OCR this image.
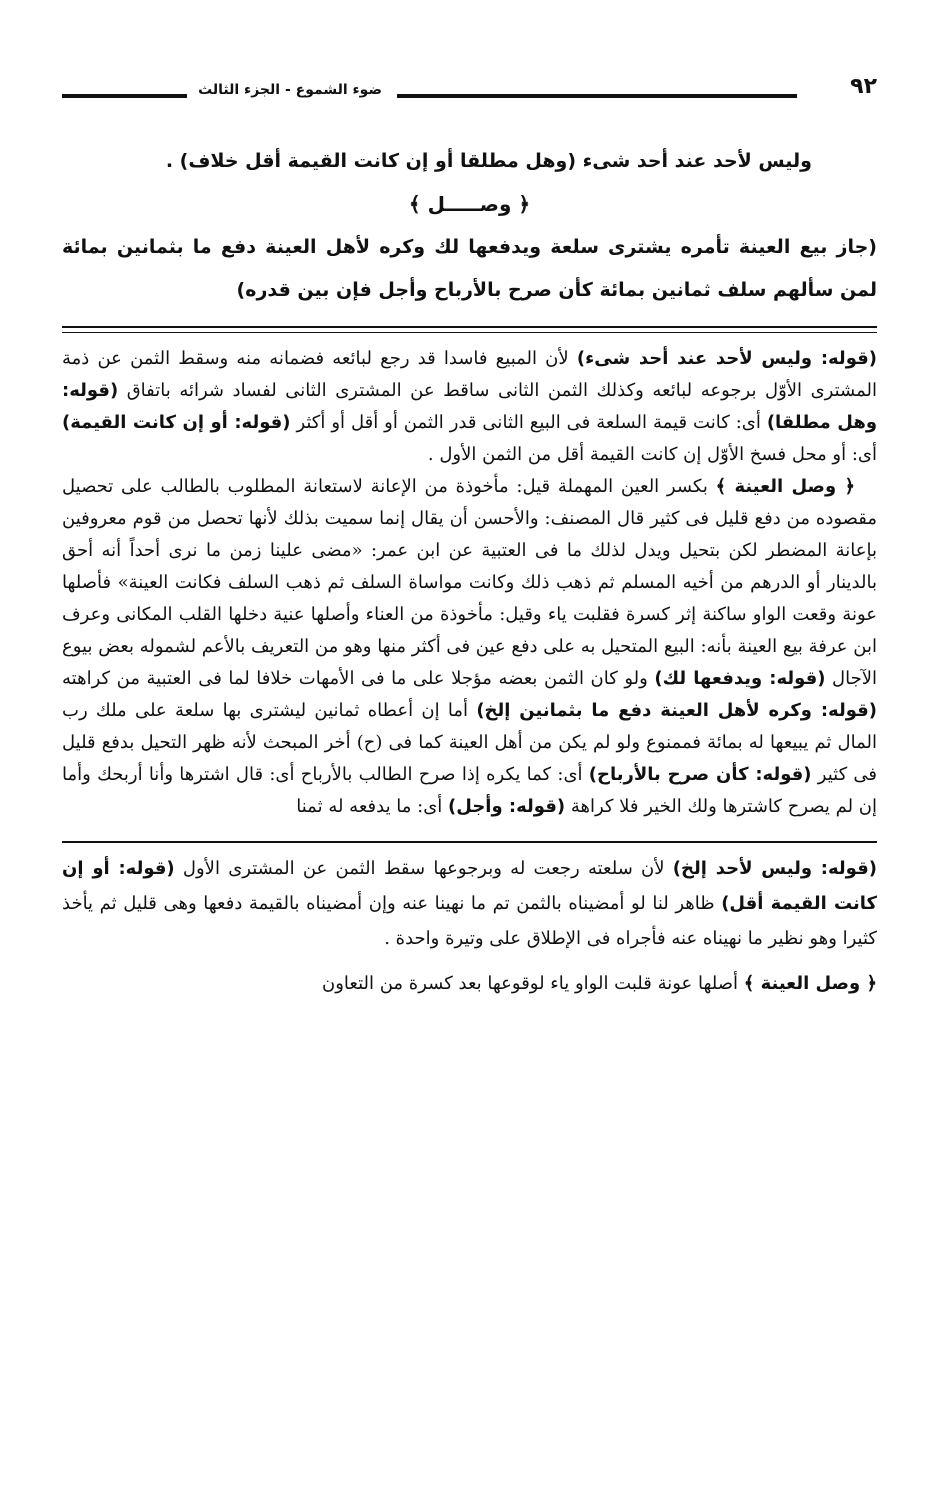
٩٢
ضوء الشموع - الجزء الثالث

وليس لأحد عند أحد شىء (وهل مطلقا أو إن كانت القيمة أقل خلاف) .

﴿ وصـــــل ﴾

(جاز بيع العينة تأمره يشترى سلعة ويدفعها لك وكره لأهل العينة دفع ما بثمانين بمائة لمن سألهم سلف ثمانين بمائة كأن صرح بالأرباح وأجل فإن بين قدره)

(قوله: وليس لأحد عند أحد شىء) لأن المبيع فاسدا قد رجع لبائعه فضمانه منه وسقط الثمن عن ذمة المشترى الأوّل برجوعه لبائعه وكذلك الثمن الثانى ساقط عن المشترى الثانى لفساد شرائه باتفاق (قوله: وهل مطلقا) أى: كانت قيمة السلعة فى البيع الثانى قدر الثمن أو أقل أو أكثر (قوله: أو إن كانت القيمة) أى: أو محل فسخ الأوّل إن كانت القيمة أقل من الثمن الأول .

﴿ وصل العينة ﴾ بكسر العين المهملة قيل: مأخوذة من الإعانة لاستعانة المطلوب بالطالب على تحصيل مقصوده من دفع قليل فى كثير قال المصنف: والأحسن أن يقال إنما سميت بذلك لأنها تحصل من قوم معروفين بإعانة المضطر لكن بتحيل ويدل لذلك ما فى العتبية عن ابن عمر: «مضى علينا زمن ما نرى أحداً أنه أحق بالدينار أو الدرهم من أخيه المسلم ثم ذهب ذلك وكانت مواساة السلف ثم ذهب السلف فكانت العينة» فأصلها عونة وقعت الواو ساكنة إثر كسرة فقلبت ياء وقيل: مأخوذة من العناء وأصلها عنية دخلها القلب المكانى وعرف ابن عرفة بيع العينة بأنه: البيع المتحيل به على دفع عين فى أكثر منها وهو من التعريف بالأعم لشموله بعض بيوع الآجال (قوله: ويدفعها لك) ولو كان الثمن بعضه مؤجلا على ما فى الأمهات خلافا لما فى العتبية من كراهته (قوله: وكره لأهل العينة دفع ما بثمانين إلخ) أما إن أعطاه ثمانين ليشترى بها سلعة على ملك رب المال ثم يبيعها له بمائة فممنوع ولو لم يكن من أهل العينة كما فى (ح) أخر المبحث لأنه ظهر التحيل بدفع قليل فى كثير (قوله: كأن صرح بالأرباح) أى: كما يكره إذا صرح الطالب بالأرباح أى: قال اشترها وأنا أربحك وأما إن لم يصرح كاشترها ولك الخير فلا كراهة (قوله: وأجل) أى: ما يدفعه له ثمنا

(قوله: وليس لأحد إلخ) لأن سلعته رجعت له وبرجوعها سقط الثمن عن المشترى الأول (قوله: أو إن كانت القيمة أقل) ظاهر لنا لو أمضيناه بالثمن تم ما نهينا عنه وإن أمضيناه بالقيمة دفعها وهى قليل ثم يأخذ كثيرا وهو نظير ما نهيناه عنه فأجراه فى الإطلاق على وتيرة واحدة .

﴿ وصل العينة ﴾ أصلها عونة قلبت الواو ياء لوقوعها بعد كسرة من التعاون
